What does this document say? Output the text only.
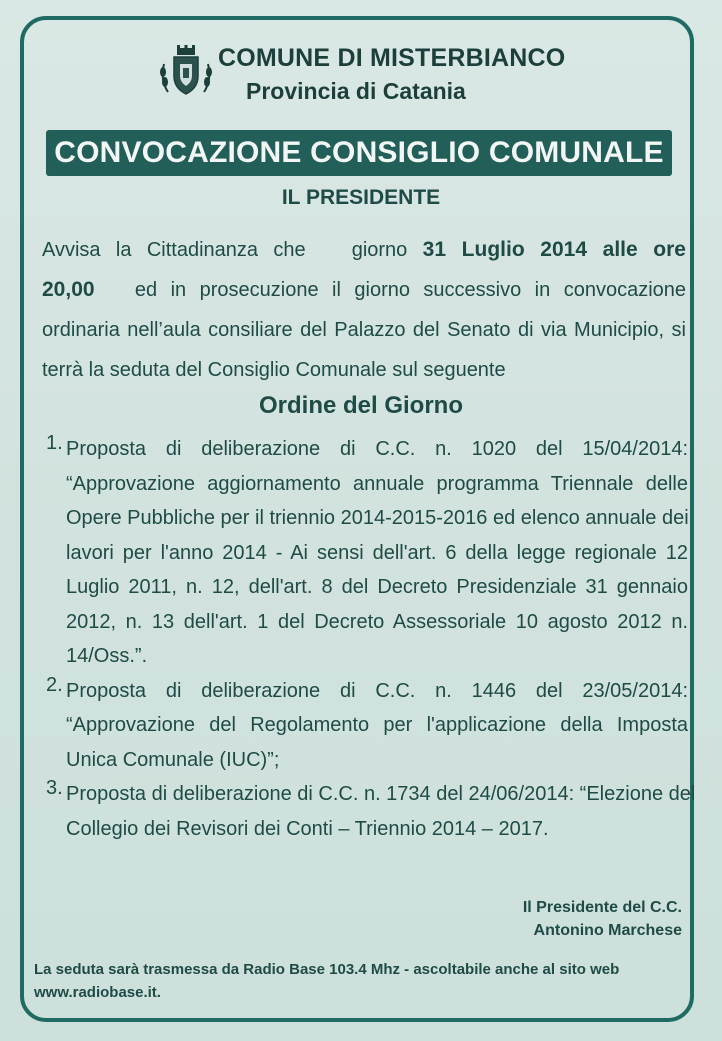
COMUNE DI MISTERBIANCO
Provincia di Catania
CONVOCAZIONE CONSIGLIO COMUNALE
IL PRESIDENTE
Avvisa la Cittadinanza che giorno 31 Luglio 2014 alle ore
20,00 ed in prosecuzione il giorno successivo in convocazione
ordinaria nell’aula consiliare del Palazzo del Senato di via Municipio, si
terrà la seduta del Consiglio Comunale sul seguente
Ordine del Giorno
1. Proposta di deliberazione di C.C. n. 1020 del 15/04/2014:
“Approvazione aggiornamento annuale programma Triennale delle
Opere Pubbliche per il triennio 2014-2015-2016 ed elenco annuale dei
lavori per l'anno 2014 - Ai sensi dell'art. 6 della legge regionale 12
Luglio 2011, n. 12, dell'art. 8 del Decreto Presidenziale 31 gennaio
2012, n. 13 dell'art. 1 del Decreto Assessoriale 10 agosto 2012 n.
14/Oss.”.
2. Proposta di deliberazione di C.C. n. 1446 del 23/05/2014:
“Approvazione del Regolamento per l'applicazione della Imposta
Unica Comunale (IUC)”;
3. Proposta di deliberazione di C.C. n. 1734 del 24/06/2014: “Elezione del
Collegio dei Revisori dei Conti – Triennio 2014 – 2017.
Il Presidente del C.C.
Antonino Marchese
La seduta sarà trasmessa da Radio Base 103.4 Mhz - ascoltabile anche al sito web
www.radiobase.it.
